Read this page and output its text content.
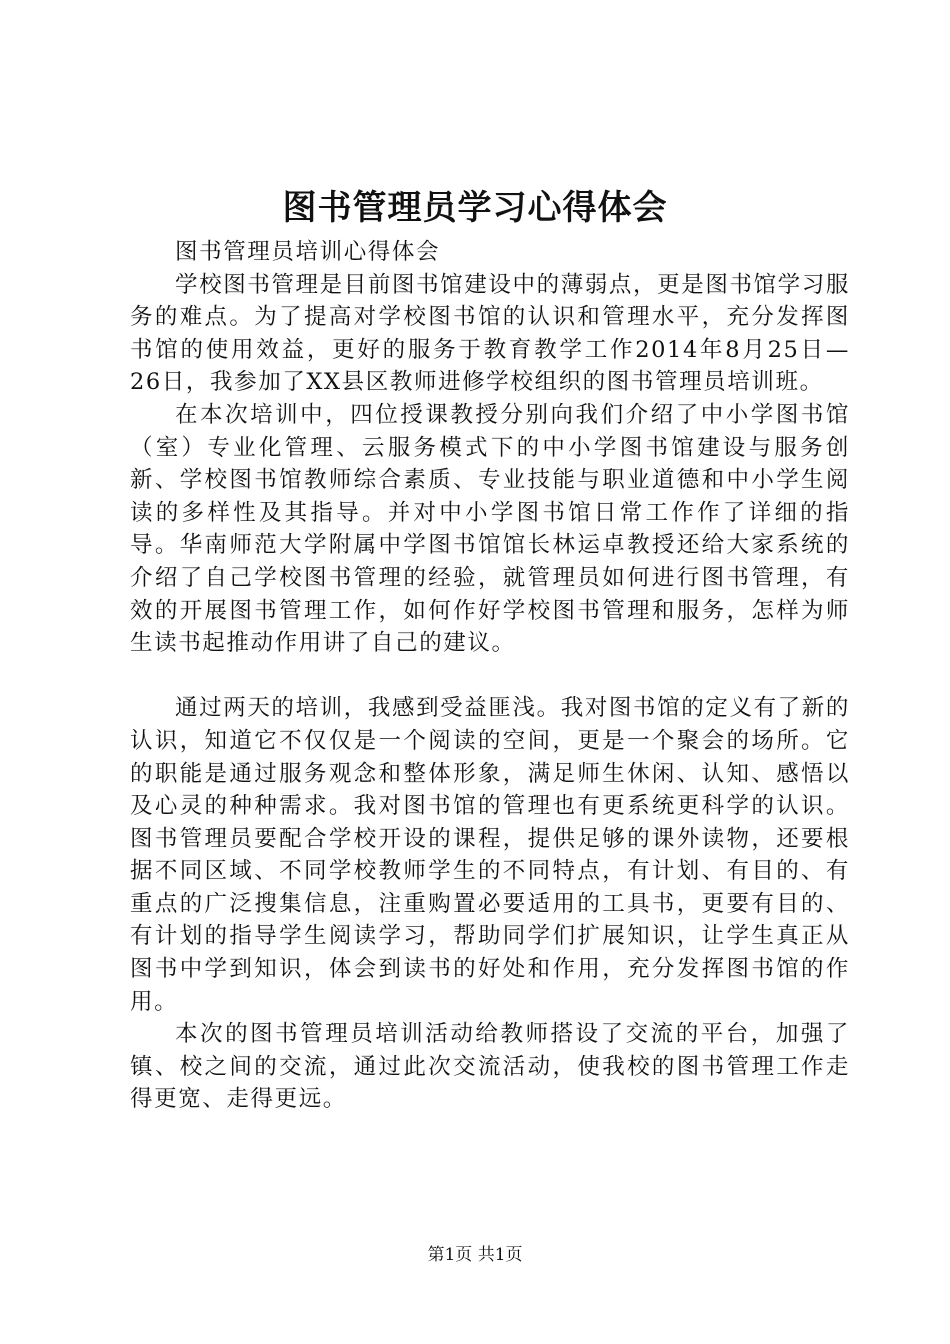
图书管理员学习心得体会

图书管理员培训心得体会

学校图书管理是目前图书馆建设中的薄弱点，更是图书馆学习服务的难点。为了提高对学校图书馆的认识和管理水平，充分发挥图书馆的使用效益，更好的服务于教育教学工作2014年8月25日—26日，我参加了XX县区教师进修学校组织的图书管理员培训班。

在本次培训中，四位授课教授分别向我们介绍了中小学图书馆（室）专业化管理、云服务模式下的中小学图书馆建设与服务创新、学校图书馆教师综合素质、专业技能与职业道德和中小学生阅读的多样性及其指导。并对中小学图书馆日常工作作了详细的指导。华南师范大学附属中学图书馆馆长林运卓教授还给大家系统的介绍了自己学校图书管理的经验，就管理员如何进行图书管理，有效的开展图书管理工作，如何作好学校图书管理和服务，怎样为师生读书起推动作用讲了自己的建议。

通过两天的培训，我感到受益匪浅。我对图书馆的定义有了新的认识，知道它不仅仅是一个阅读的空间，更是一个聚会的场所。它的职能是通过服务观念和整体形象，满足师生休闲、认知、感悟以及心灵的种种需求。我对图书馆的管理也有更系统更科学的认识。图书管理员要配合学校开设的课程，提供足够的课外读物，还要根据不同区域、不同学校教师学生的不同特点，有计划、有目的、有重点的广泛搜集信息，注重购置必要适用的工具书，更要有目的、有计划的指导学生阅读学习，帮助同学们扩展知识，让学生真正从图书中学到知识，体会到读书的好处和作用，充分发挥图书馆的作用。

本次的图书管理员培训活动给教师搭设了交流的平台，加强了镇、校之间的交流，通过此次交流活动，使我校的图书管理工作走得更宽、走得更远。

第1页 共1页
